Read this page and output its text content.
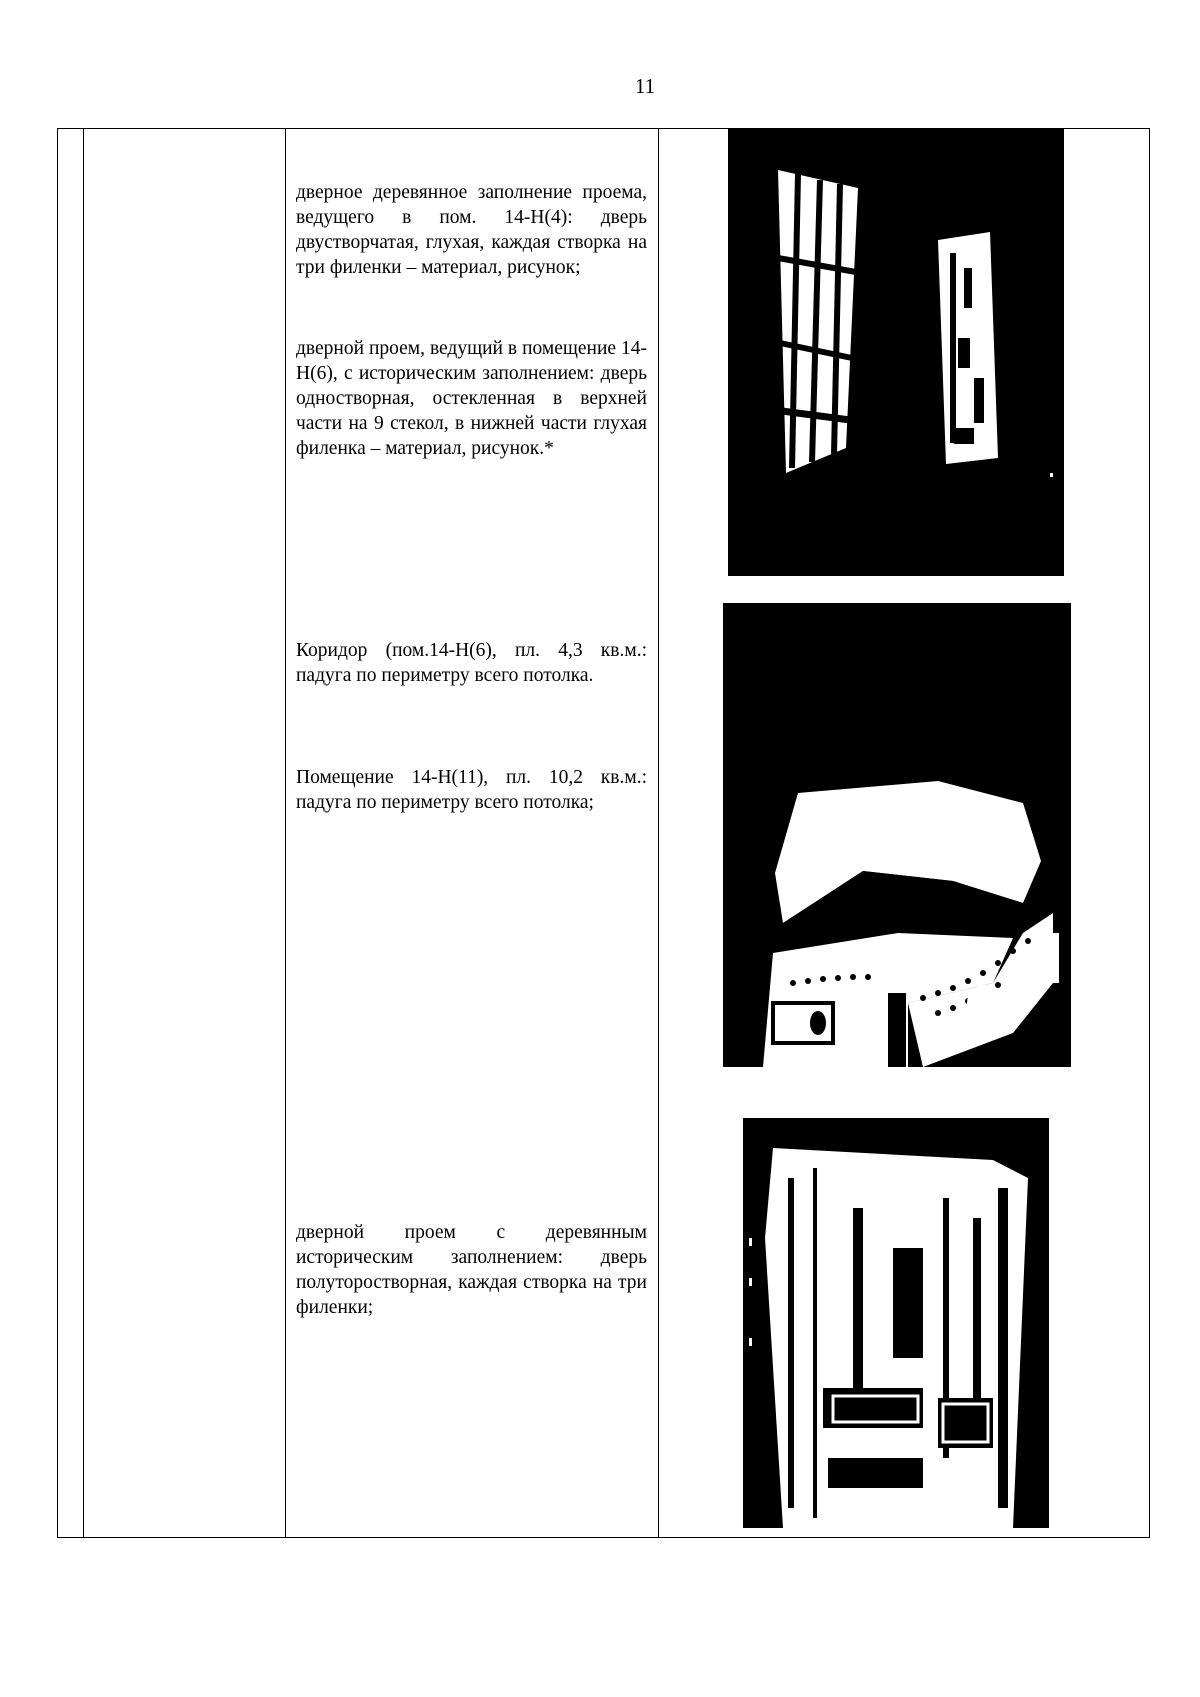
11

дверное деревянное заполнение проема, ведущего в пом. 14-Н(4): дверь двустворчатая, глухая, каждая створка на три филенки – материал, рисунок;

дверной проем, ведущий в помещение 14-Н(6), с историческим заполнением: дверь одностворная, остекленная в верхней части на 9 стекол, в нижней части глухая филенка – материал, рисунок.*

Коридор (пом.14-Н(6), пл. 4,3 кв.м.: падуга по периметру всего потолка.

Помещение 14-Н(11), пл. 10,2 кв.м.: падуга по периметру всего потолка;

дверной проем с деревянным историческим заполнением: дверь полуторостворная, каждая створка на три филенки;
